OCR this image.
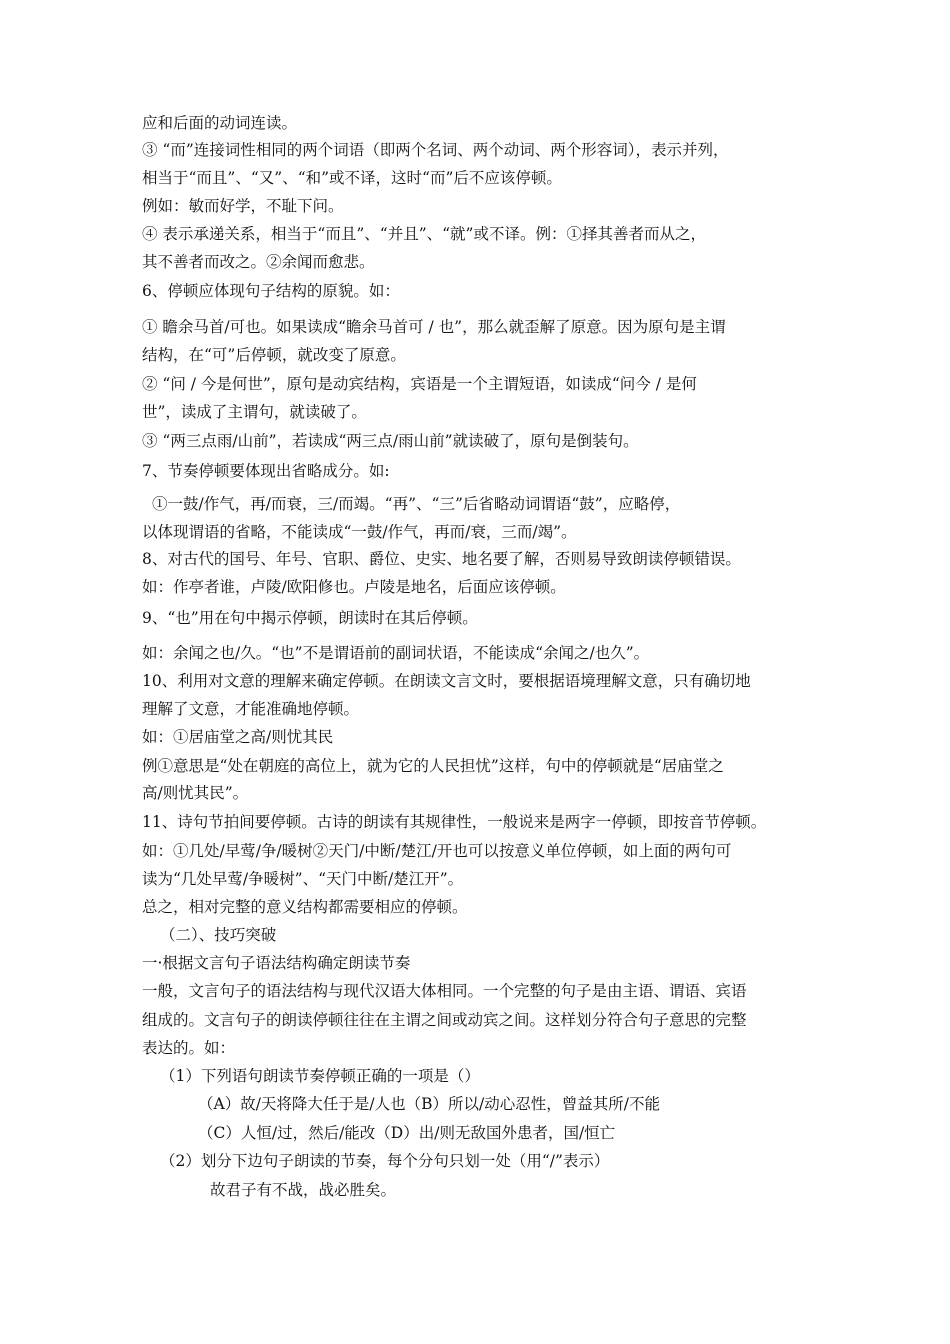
应和后面的动词连读。
③ “而”连接词性相同的两个词语（即两个名词、两个动词、两个形容词），表示并列，
相当于“而且”、“又”、“和”或不译，这时“而”后不应该停顿。
例如：敏而好学，不耻下问。
④ 表示承递关系，相当于“而且”、“并且”、“就”或不译。例：①择其善者而从之，
其不善者而改之。②余闻而愈悲。
6、停顿应体现句子结构的原貌。如：
① 瞻余马首/可也。如果读成“瞻余马首可 / 也”，那么就歪解了原意。因为原句是主谓
结构，在“可”后停顿，就改变了原意。
② “问 / 今是何世”，原句是动宾结构，宾语是一个主谓短语，如读成“问今 / 是何
世”，读成了主谓句，就读破了。
③ “两三点雨/山前”，若读成“两三点/雨山前”就读破了，原句是倒装句。
7、节奏停顿要体现出省略成分。如:
①一鼓/作气，再/而衰，三/而竭。“再”、“三”后省略动词谓语“鼓”，应略停，
以体现谓语的省略，不能读成“一鼓/作气，再而/衰，三而/竭”。
8、对古代的国号、年号、官职、爵位、史实、地名要了解，否则易导致朗读停顿错误。
如：作亭者谁，卢陵/欧阳修也。卢陵是地名，后面应该停顿。
9、“也”用在句中揭示停顿，朗读时在其后停顿。
如：余闻之也/久。“也”不是谓语前的副词状语，不能读成“余闻之/也久”。
10、利用对文意的理解来确定停顿。在朗读文言文时，要根据语境理解文意，只有确切地
理解了文意，才能准确地停顿。
如：①居庙堂之高/则忧其民
例①意思是“处在朝庭的高位上，就为它的人民担忧”这样，句中的停顿就是“居庙堂之
高/则忧其民”。
11、诗句节拍间要停顿。古诗的朗读有其规律性，一般说来是两字一停顿，即按音节停顿。
如：①几处/早莺/争/暖树②天门/中断/楚江/开也可以按意义单位停顿，如上面的两句可
读为“几处早莺/争暖树”、“天门中断/楚江开”。
总之，相对完整的意义结构都需要相应的停顿。
（二）、技巧突破
一·根据文言句子语法结构确定朗读节奏
一般，文言句子的语法结构与现代汉语大体相同。一个完整的句子是由主语、谓语、宾语
组成的。文言句子的朗读停顿往往在主谓之间或动宾之间。这样划分符合句子意思的完整
表达的。如：
（1）下列语句朗读节奏停顿正确的一项是（）
（A）故/天将降大任于是/人也（B）所以/动心忍性，曾益其所/不能
（C）人恒/过，然后/能改（D）出/则无敌国外患者，国/恒亡
（2）划分下边句子朗读的节奏，每个分句只划一处（用“/”表示）
故君子有不战，战必胜矣。
